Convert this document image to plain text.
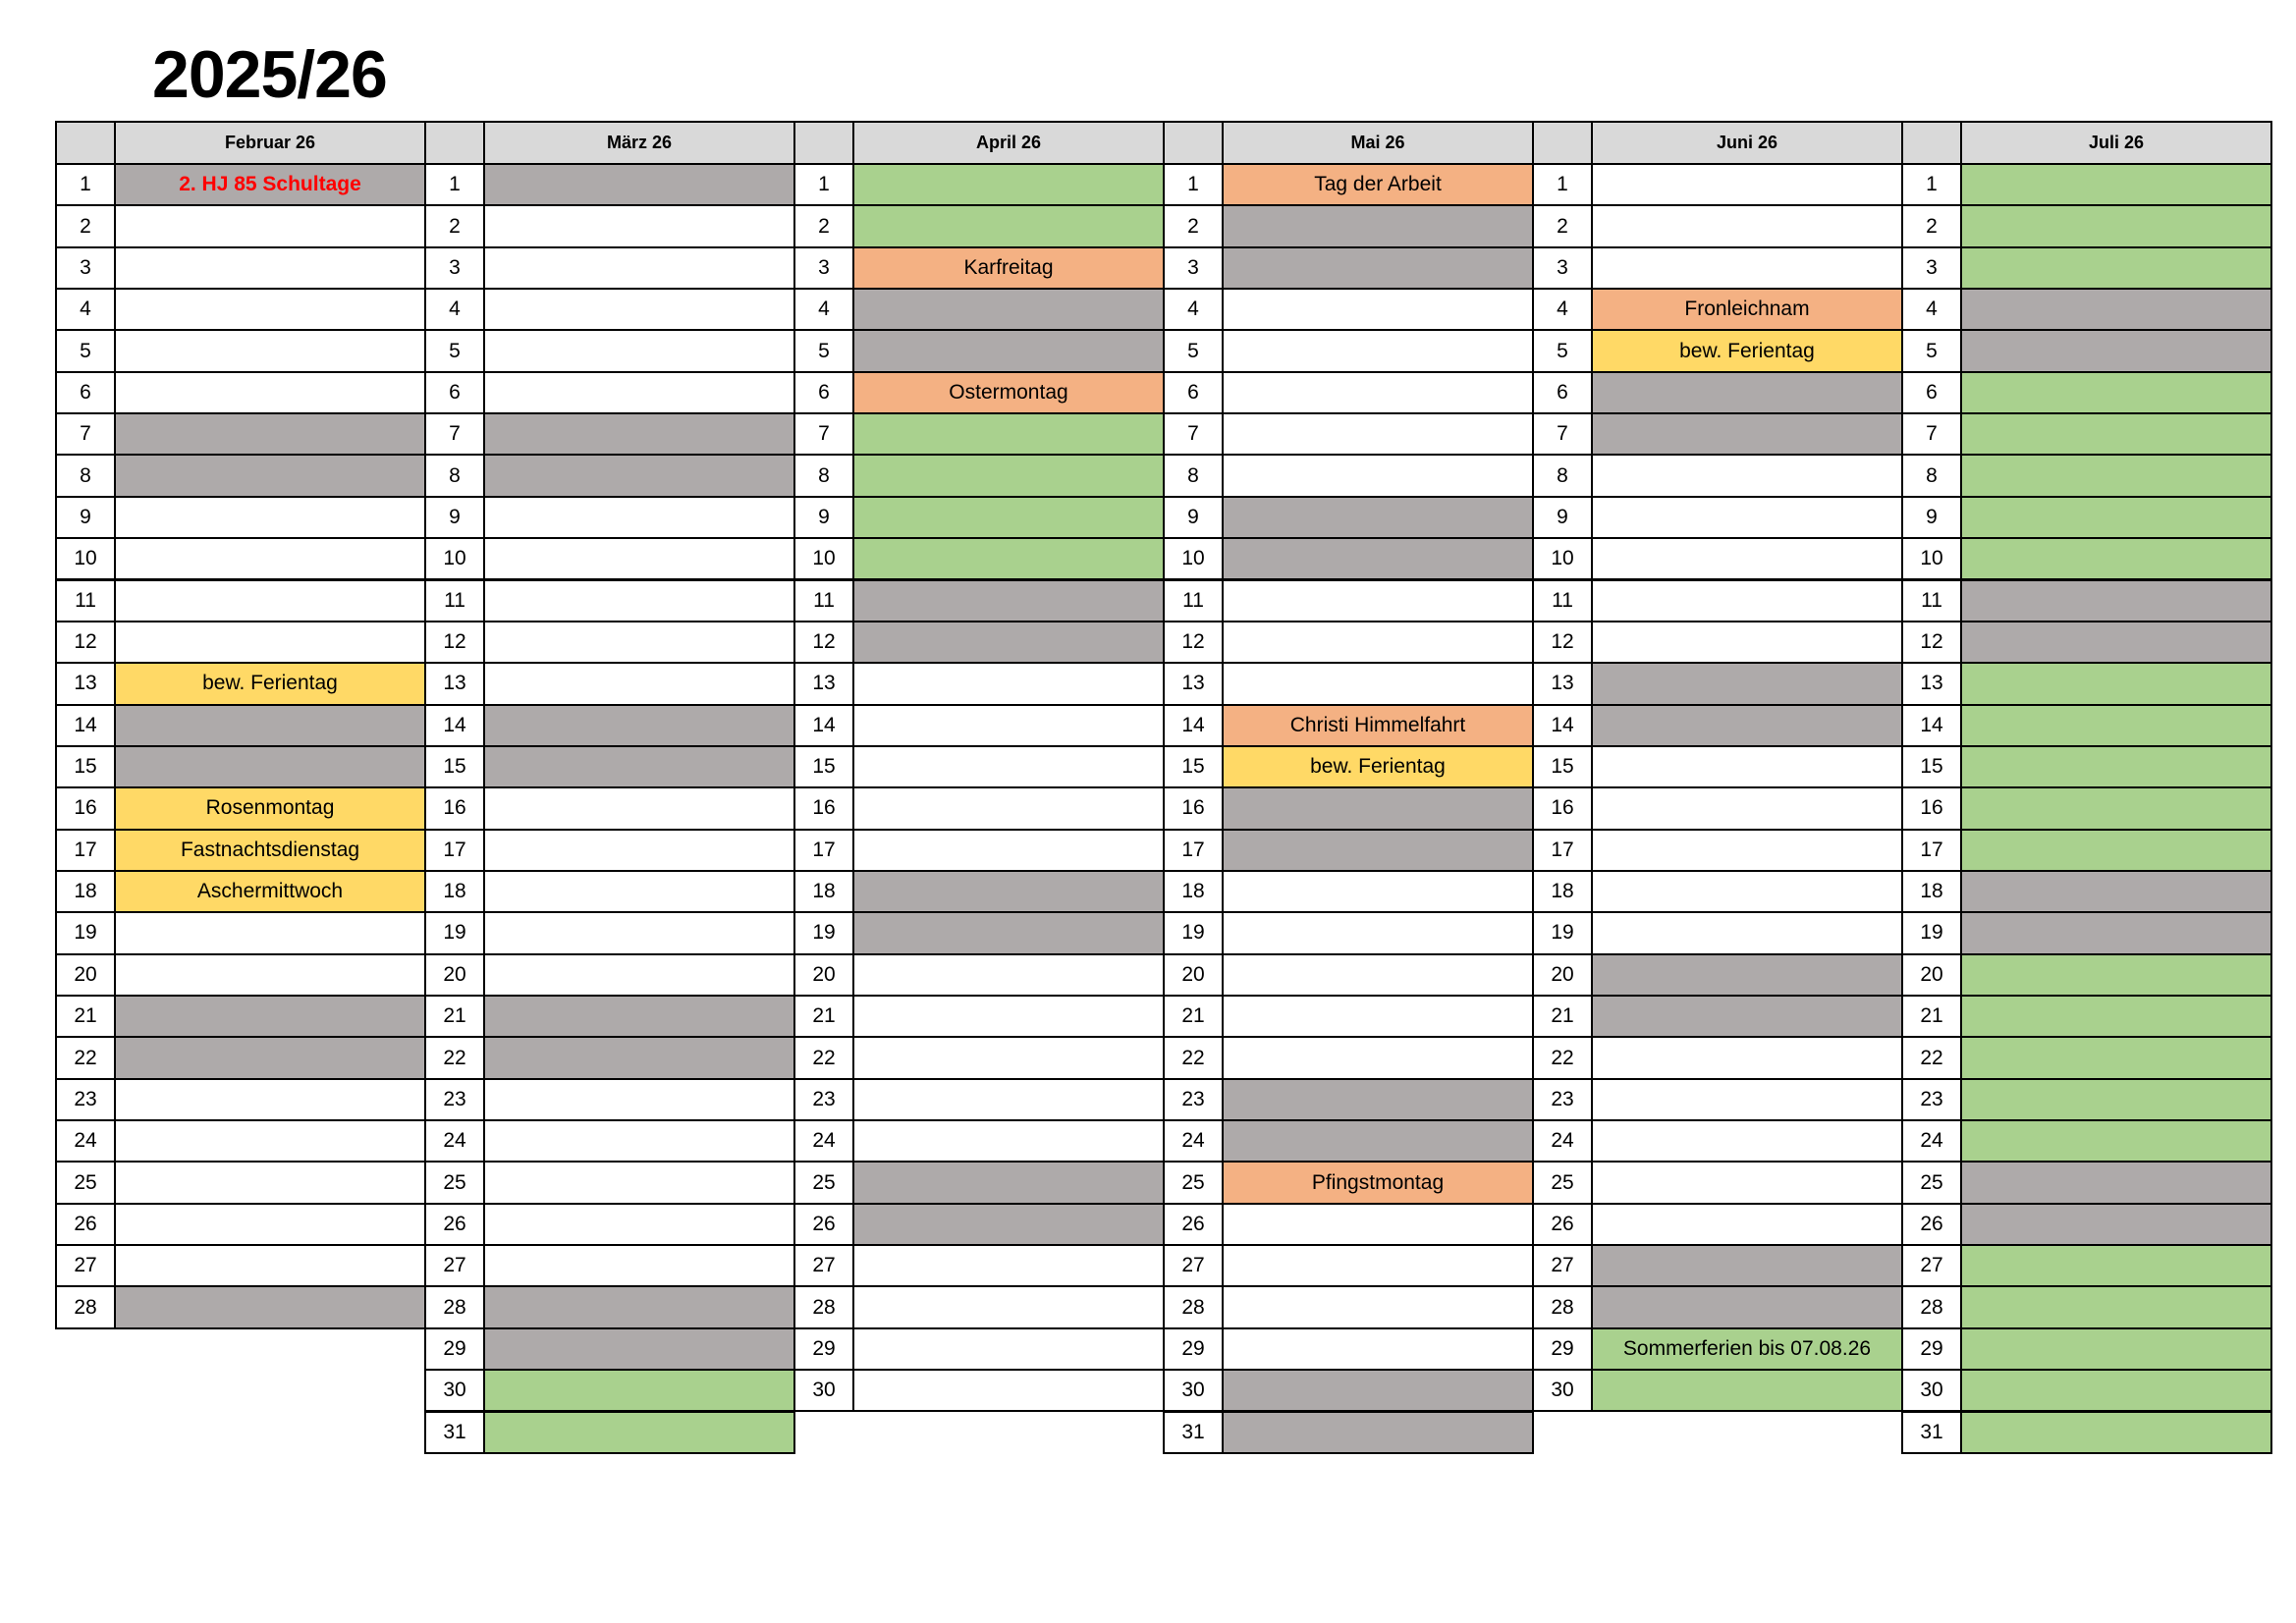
2025/26
Februar 26
1	2. HJ 85 Schultage
2
3
4
5
6
7
8
9
10
11
12
13	bew. Ferientag
14
15
16	Rosenmontag
17	Fastnachtsdienstag
18	Aschermittwoch
19
20
21
22
23
24
25
26
27
28
März 26
1
2
3
4
5
6
7
8
9
10
11
12
13
14
15
16
17
18
19
20
21
22
23
24
25
26
27
28
29
30
31
April 26
1
2
3	Karfreitag
4
5
6	Ostermontag
7
8
9
10
11
12
13
14
15
16
17
18
19
20
21
22
23
24
25
26
27
28
29
30
Mai 26
1	Tag der Arbeit
2
3
4
5
6
7
8
9
10
11
12
13
14	Christi Himmelfahrt
15	bew. Ferientag
16
17
18
19
20
21
22
23
24
25	Pfingstmontag
26
27
28
29
30
31
Juni 26
1
2
3
4	Fronleichnam
5	bew. Ferientag
6
7
8
9
10
11
12
13
14
15
16
17
18
19
20
21
22
23
24
25
26
27
28
29	Sommerferien bis 07.08.26
30
Juli 26
1
2
3
4
5
6
7
8
9
10
11
12
13
14
15
16
17
18
19
20
21
22
23
24
25
26
27
28
29
30
31
